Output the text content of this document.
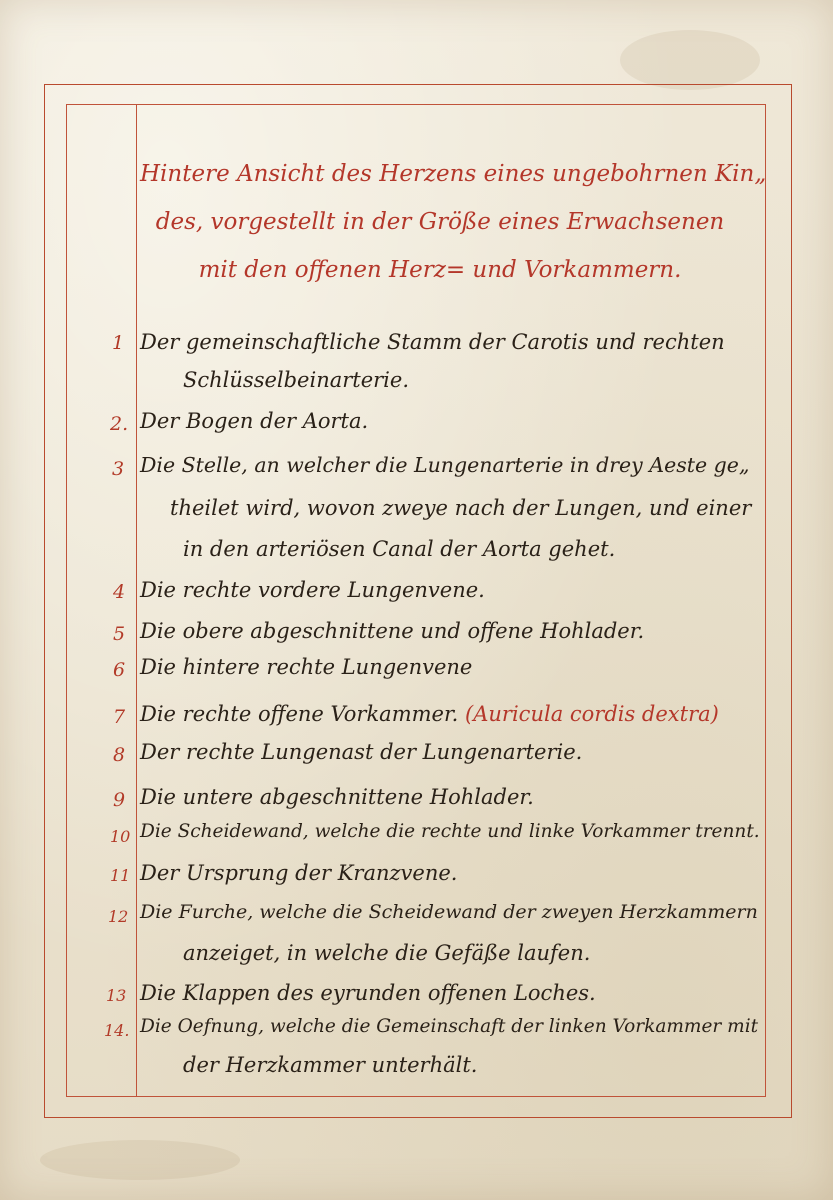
Hintere Ansicht des Herzens eines ungebohrnen Kin„
des, vorgestellt in der Größe eines Erwachsenen
mit den offenen Herz= und Vorkammern.
1 Der gemeinschaftliche Stamm der Carotis und rechten
Schlüsselbeinarterie.
2. Der Bogen der Aorta.
3 Die Stelle, an welcher die Lungenarterie in drey Aeste ge„
theilet wird, wovon zweye nach der Lungen, und einer
in den arteriösen Canal der Aorta gehet.
4 Die rechte vordere Lungenvene.
5 Die obere abgeschnittene und offene Hohlader.
6 Die hintere rechte Lungenvene
7 Die rechte offene Vorkammer. (Auricula cordis dextra)
8 Der rechte Lungenast der Lungenarterie.
9 Die untere abgeschnittene Hohlader.
10 Die Scheidewand, welche die rechte und linke Vorkammer trennt.
11 Der Ursprung der Kranzvene.
12 Die Furche, welche die Scheidewand der zweyen Herzkammern
anzeiget, in welche die Gefäße laufen.
13 Die Klappen des eyrunden offenen Loches.
14. Die Oefnung, welche die Gemeinschaft der linken Vorkammer mit
der Herzkammer unterhält.
